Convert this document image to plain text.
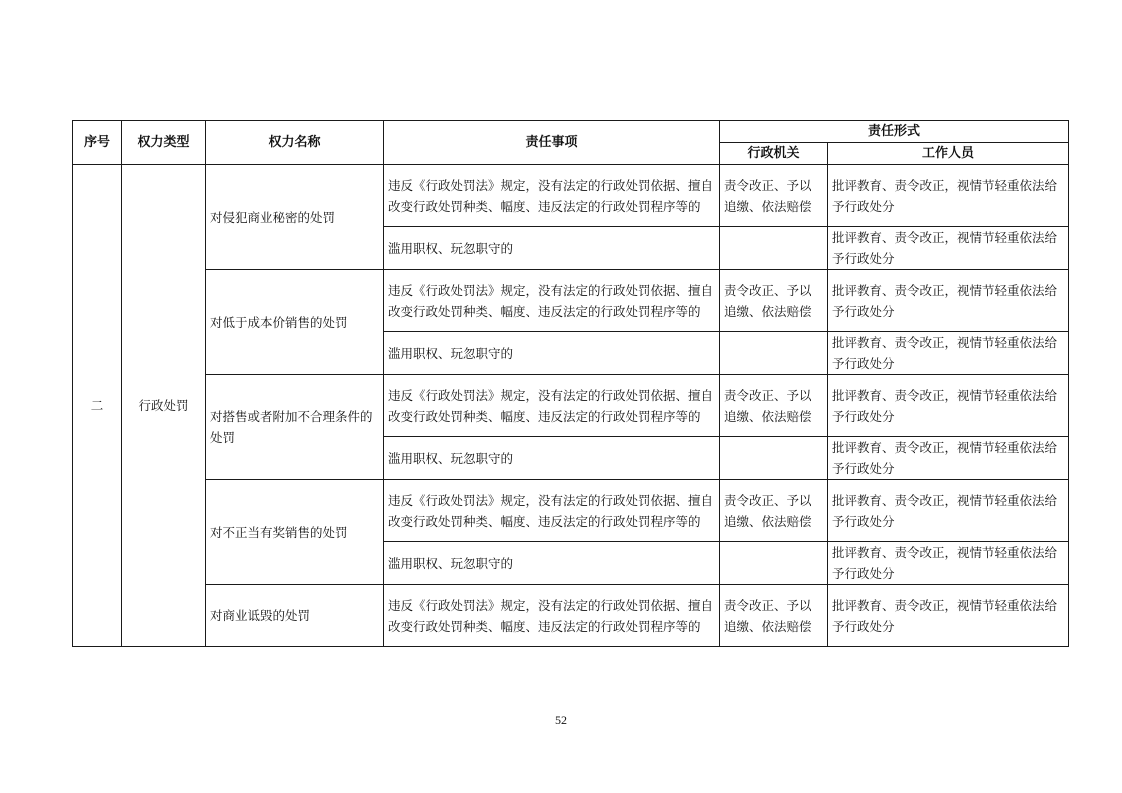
序号	权力类型	权力名称	责任事项	责任形式	
				行政机关	工作人员
二	行政处罚	对侵犯商业秘密的处罚	违反《行政处罚法》规定，没有法定的行政处罚依据、擅自改变行政处罚种类、幅度、违反法定的行政处罚程序等的	责令改正、予以追缴、依法赔偿	批评教育、责令改正，视情节轻重依法给予行政处分
			滥用职权、玩忽职守的		批评教育、责令改正，视情节轻重依法给予行政处分
		对低于成本价销售的处罚	违反《行政处罚法》规定，没有法定的行政处罚依据、擅自改变行政处罚种类、幅度、违反法定的行政处罚程序等的	责令改正、予以追缴、依法赔偿	批评教育、责令改正，视情节轻重依法给予行政处分
			滥用职权、玩忽职守的		批评教育、责令改正，视情节轻重依法给予行政处分
		对搭售或者附加不合理条件的处罚	违反《行政处罚法》规定，没有法定的行政处罚依据、擅自改变行政处罚种类、幅度、违反法定的行政处罚程序等的	责令改正、予以追缴、依法赔偿	批评教育、责令改正，视情节轻重依法给予行政处分
			滥用职权、玩忽职守的		批评教育、责令改正，视情节轻重依法给予行政处分
		对不正当有奖销售的处罚	违反《行政处罚法》规定，没有法定的行政处罚依据、擅自改变行政处罚种类、幅度、违反法定的行政处罚程序等的	责令改正、予以追缴、依法赔偿	批评教育、责令改正，视情节轻重依法给予行政处分
			滥用职权、玩忽职守的		批评教育、责令改正，视情节轻重依法给予行政处分
		对商业诋毁的处罚	违反《行政处罚法》规定，没有法定的行政处罚依据、擅自改变行政处罚种类、幅度、违反法定的行政处罚程序等的	责令改正、予以追缴、依法赔偿	批评教育、责令改正，视情节轻重依法给予行政处分
52
